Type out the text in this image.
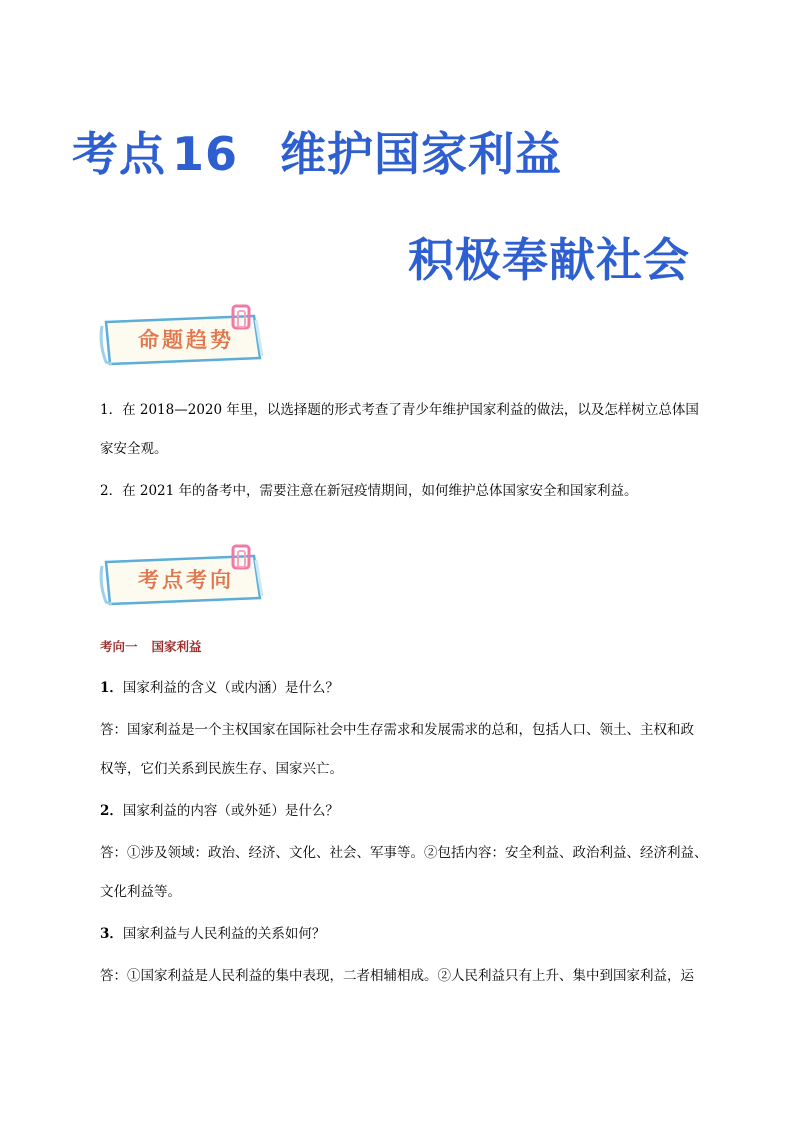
考点 16 维护国家利益
积极奉献社会
命题趋势
1．在 2018—2020 年里，以选择题的形式考查了青少年维护国家利益的做法，以及怎样树立总体国
家安全观。
2．在 2021 年的备考中，需要注意在新冠疫情期间，如何维护总体国家安全和国家利益。
考点考向
考向一 国家利益
1．国家利益的含义（或内涵）是什么？
答：国家利益是一个主权国家在国际社会中生存需求和发展需求的总和，包括人口、领土、主权和政
权等，它们关系到民族生存、国家兴亡。
2．国家利益的内容（或外延）是什么？
答：①涉及领域：政治、经济、文化、社会、军事等。②包括内容：安全利益、政治利益、经济利益、
文化利益等。
3．国家利益与人民利益的关系如何？
答：①国家利益是人民利益的集中表现，二者相辅相成。②人民利益只有上升、集中到国家利益，运
